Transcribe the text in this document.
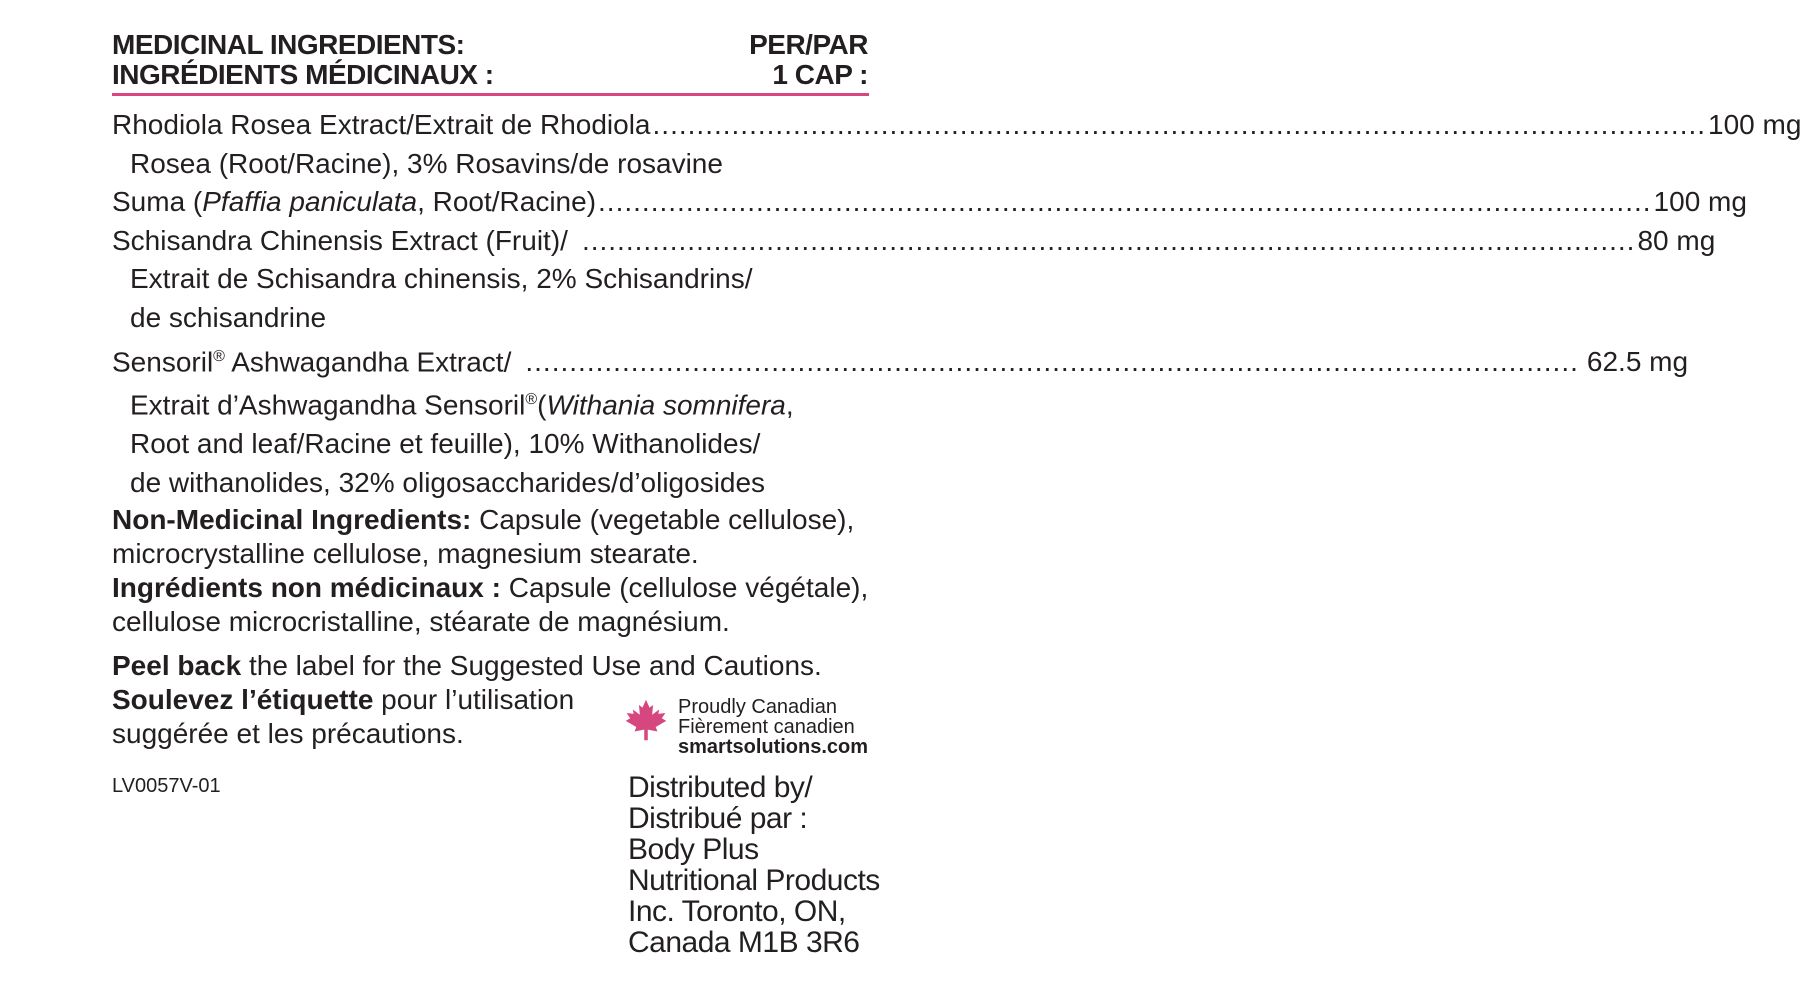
MEDICINAL INGREDIENTS:
INGRÉDIENTS MÉDICINAUX :
PER/PAR
1 CAP :
Rhodiola Rosea Extract/Extrait de Rhodiola ........................................................................................................................ 100 mg
Rosea (Root/Racine), 3% Rosavins/de rosavine
Suma (Pfaffia paniculata, Root/Racine) ........................................................................................................................ 100 mg
Schisandra Chinensis Extract (Fruit)/ ........................................................................................................................ 80 mg
Extrait de Schisandra chinensis, 2% Schisandrins/
de schisandrine
Sensoril® Ashwagandha Extract/ ........................................................................................................................ 62.5 mg
Extrait d’Ashwagandha Sensoril®(Withania somnifera,
Root and leaf/Racine et feuille), 10% Withanolides/
de withanolides, 32% oligosaccharides/d’oligosides
Non-Medicinal Ingredients: Capsule (vegetable cellulose),
microcrystalline cellulose, magnesium stearate.
Ingrédients non médicinaux : Capsule (cellulose végétale),
cellulose microcristalline, stéarate de magnésium.
Peel back the label for the Suggested Use and Cautions.
Soulevez l’étiquette pour l’utilisation
suggérée et les précautions.
LV0057V-01
Proudly Canadian
Fièrement canadien
smartsolutions.com
Distributed by/
Distribué par :
Body Plus
Nutritional Products
Inc. Toronto, ON,
Canada M1B 3R6
